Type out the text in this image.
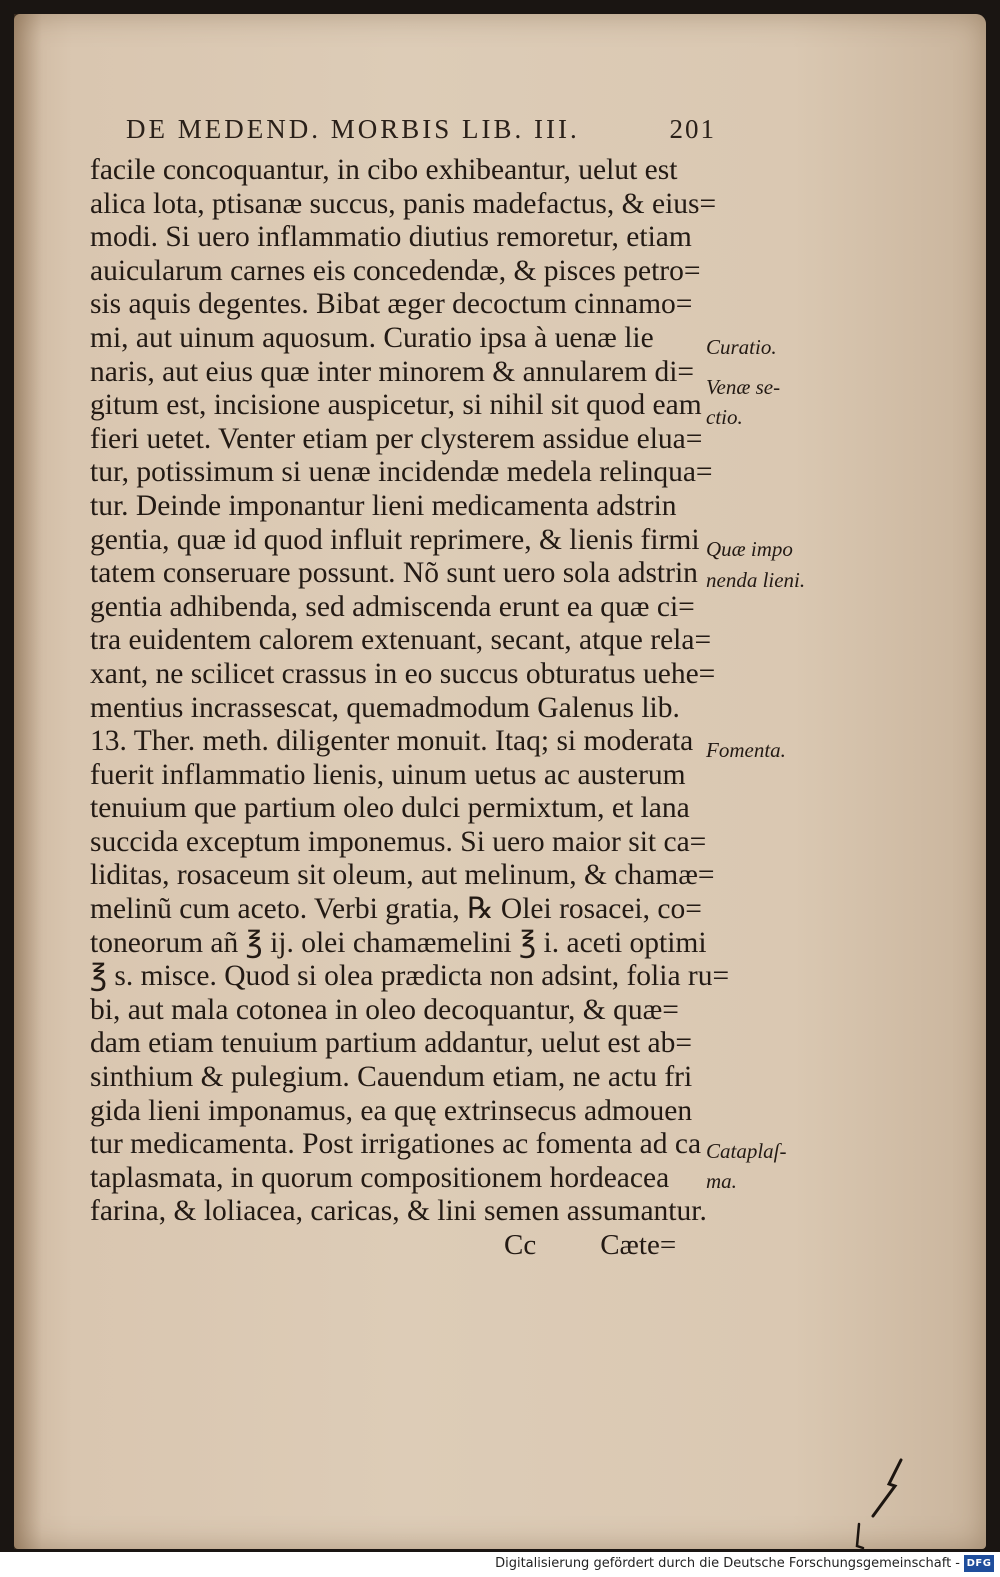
DE MEDEND. MORBIS LIB. III.	201
facile concoquantur, in cibo exhibeantur, uelut est
alica lota, ptisanæ succus, panis madefactus, & eius=
modi. Si uero inflammatio diutius remoretur, etiam
auicularum carnes eis concedendæ, & pisces petro=
sis aquis degentes. Bibat æger decoctum cinnamo=
mi, aut uinum aquosum. Curatio ipsa à uenæ lie
naris, aut eius quæ inter minorem & annularem di=
gitum est, incisione auspicetur, si nihil sit quod eam
fieri uetet. Venter etiam per clysterem assidue elua=
tur, potissimum si uenæ incidendæ medela relinqua=
tur. Deinde imponantur lieni medicamenta adstrin
gentia, quæ id quod influit reprimere, & lienis firmi
tatem conseruare possunt. Nõ sunt uero sola adstrin
gentia adhibenda, sed admiscenda erunt ea quæ ci=
tra euidentem calorem extenuant, secant, atque rela=
xant, ne scilicet crassus in eo succus obturatus uehe=
mentius incrassescat, quemadmodum Galenus lib.
13. Ther. meth. diligenter monuit. Itaq; si moderata
fuerit inflammatio lienis, uinum uetus ac austerum
tenuium que partium oleo dulci permixtum, et lana
succida exceptum imponemus. Si uero maior sit ca=
liditas, rosaceum sit oleum, aut melinum, & chamæ=
melinũ cum aceto. Verbi gratia, ℞ Olei rosacei, co=
toneorum añ ℥ ij. olei chamæmelini ℥ i. aceti optimi
℥ s. misce. Quod si olea prædicta non adsint, folia ru=
bi, aut mala cotonea in oleo decoquantur, & quæ=
dam etiam tenuium partium addantur, uelut est ab=
sinthium & pulegium. Cauendum etiam, ne actu fri
gida lieni imponamus, ea quę extrinsecus admouen
tur medicamenta. Post irrigationes ac fomenta ad ca
taplasmata, in quorum compositionem hordeacea
farina, & loliacea, caricas, & lini semen assumantur.
Cc Cæte=
Curatio.
Venæ se-
ctio.
Quæ impo
nenda lieni.
Fomenta.
Cataplaſ-
ma.
Digitalisierung gefördert durch die Deutsche Forschungsgemeinschaft - DFG
